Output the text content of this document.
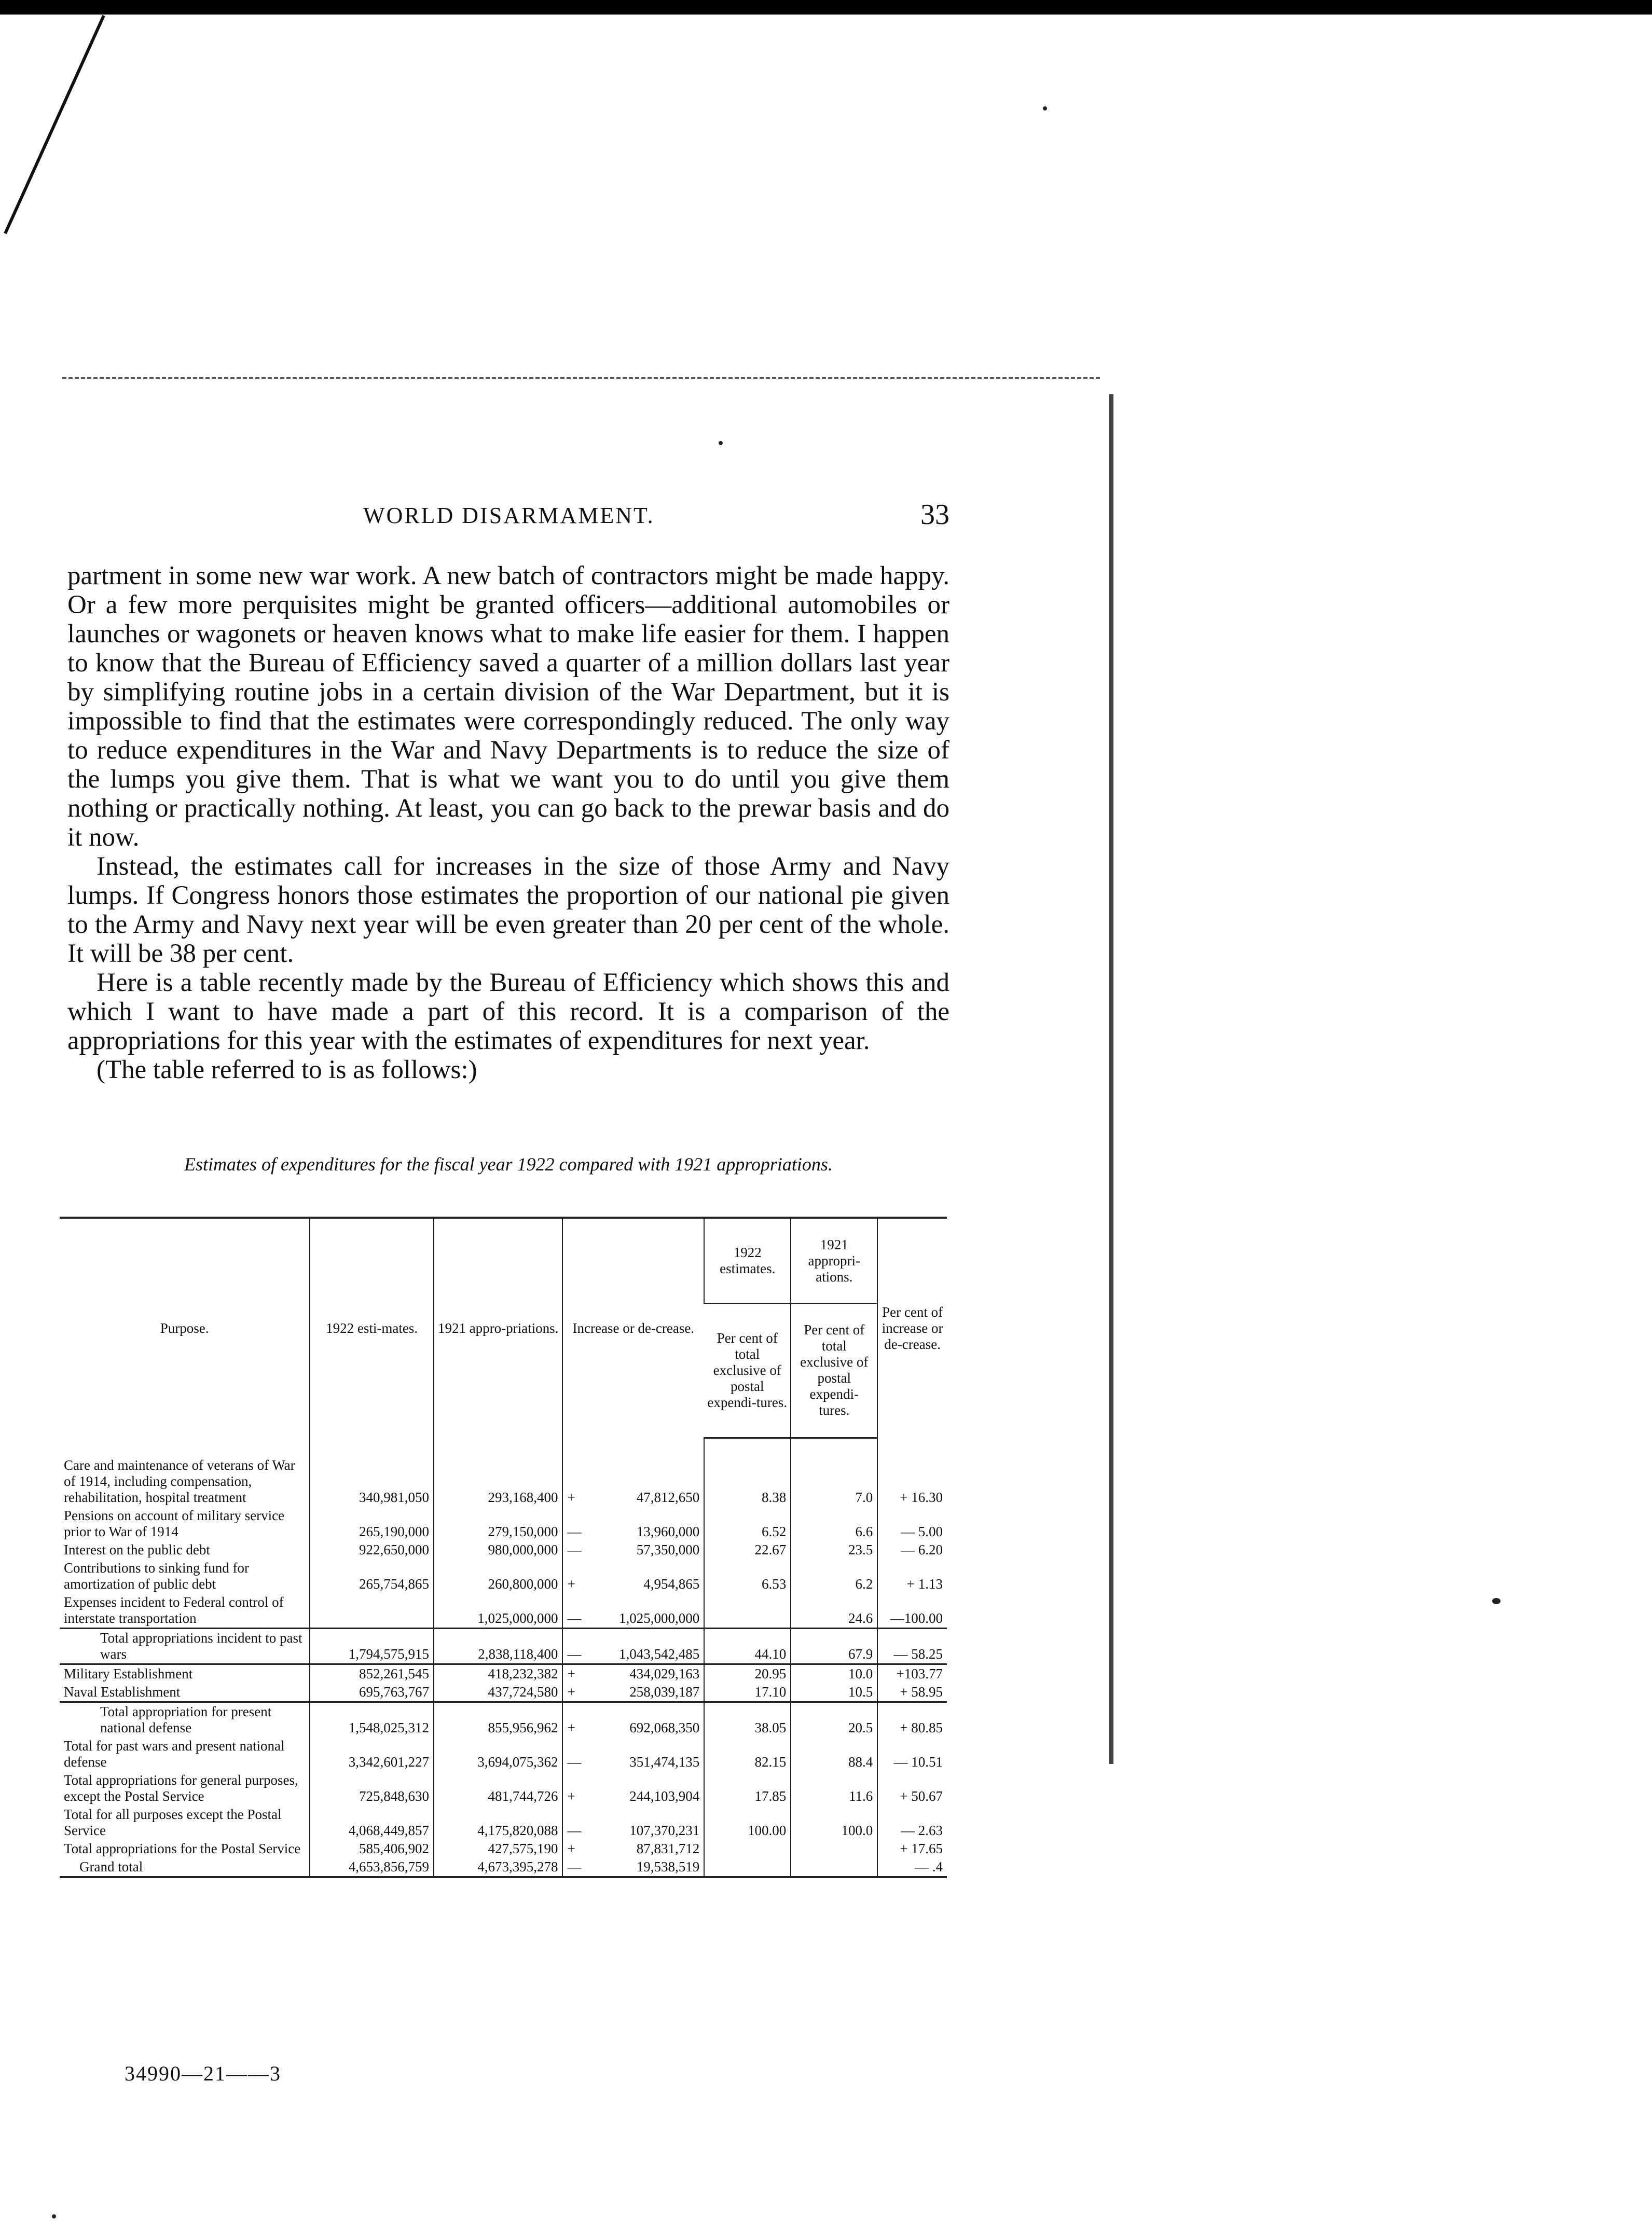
WORLD DISARMAMENT.	33

partment in some new war work. A new batch of contractors might be made happy. Or a few more perquisites might be granted officers—additional automobiles or launches or wagonets or heaven knows what to make life easier for them. I happen to know that the Bureau of Efficiency saved a quarter of a million dollars last year by simplifying routine jobs in a certain division of the War Department, but it is impossible to find that the estimates were correspondingly reduced. The only way to reduce expenditures in the War and Navy Departments is to reduce the size of the lumps you give them. That is what we want you to do until you give them nothing or practically nothing. At least, you can go back to the prewar basis and do it now.

Instead, the estimates call for increases in the size of those Army and Navy lumps. If Congress honors those estimates the proportion of our national pie given to the Army and Navy next year will be even greater than 20 per cent of the whole. It will be 38 per cent.

Here is a table recently made by the Bureau of Efficiency which shows this and which I want to have made a part of this record. It is a comparison of the appropriations for this year with the estimates of expenditures for next year.

(The table referred to is as follows:)

Estimates of expenditures for the fiscal year 1922 compared with 1921 appropriations.
Purpose.	1922 esti-mates.	1921 appro-priations.	Increase or de-crease.		1922 estimates.	1921 appropri-ations.	Per cent of increase or de-crease.
					Per cent of total exclusive of postal expendi-tures.	Per cent of total exclusive of postal expendi-tures.	

Care and maintenance of veterans of War of 1914, including compensation, rehabilitation, hospital treatment	340,981,050	293,168,400	+	47,812,650	8.38	7.0	+ 16.30
Pensions on account of military service prior to War of 1914	265,190,000	279,150,000	—	13,960,000	6.52	6.6	— 5.00
Interest on the public debt	922,650,000	980,000,000	—	57,350,000	22.67	23.5	— 6.20
Contributions to sinking fund for amortization of public debt	265,754,865	260,800,000	+	4,954,865	6.53	6.2	+ 1.13
Expenses incident to Federal control of interstate transportation		1,025,000,000	—	1,025,000,000		24.6	—100.00

Total appropriations incident to past wars	1,794,575,915	2,838,118,400	—	1,043,542,485	44.10	67.9	— 58.25
Military Establishment	852,261,545	418,232,382	+	434,029,163	20.95	10.0	+103.77
Naval Establishment	695,763,767	437,724,580	+	258,039,187	17.10	10.5	+ 58.95

Total appropriation for present national defense	1,548,025,312	855,956,962	+	692,068,350	38.05	20.5	+ 80.85
Total for past wars and present national defense	3,342,601,227	3,694,075,362	—	351,474,135	82.15	88.4	— 10.51
Total appropriations for general purposes, except the Postal Service	725,848,630	481,744,726	+	244,103,904	17.85	11.6	+ 50.67
Total for all purposes except the Postal Service	4,068,449,857	4,175,820,088	—	107,370,231	100.00	100.0	— 2.63
Total appropriations for the Postal Service	585,406,902	427,575,190	+	87,831,712			+ 17.65

Grand total	4,653,856,759	4,673,395,278	—	19,538,519			— .4
34990—21——3
